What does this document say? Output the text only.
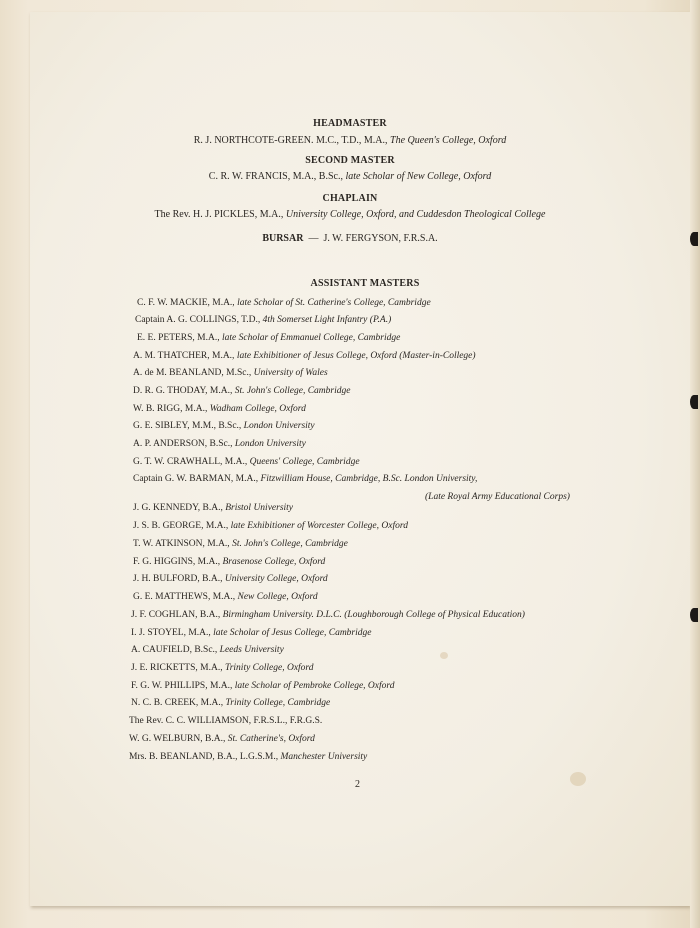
HEADMASTER
R. J. NORTHCOTE-GREEN. M.C., T.D., M.A., The Queen's College, Oxford
SECOND MASTER
C. R. W. FRANCIS, M.A., B.Sc., late Scholar of New College, Oxford
CHAPLAIN
The Rev. H. J. PICKLES, M.A., University College, Oxford, and Cuddesdon Theological College
BURSAR — J. W. FERGYSON, F.R.S.A.
ASSISTANT MASTERS
C. F. W. MACKIE, M.A., late Scholar of St. Catherine's College, Cambridge
Captain A. G. COLLINGS, T.D., 4th Somerset Light Infantry (P.A.)
E. E. PETERS, M.A., late Scholar of Emmanuel College, Cambridge
A. M. THATCHER, M.A., late Exhibitioner of Jesus College, Oxford (Master-in-College)
A. de M. BEANLAND, M.Sc., University of Wales
D. R. G. THODAY, M.A., St. John's College, Cambridge
W. B. RIGG, M.A., Wadham College, Oxford
G. E. SIBLEY, M.M., B.Sc., London University
A. P. ANDERSON, B.Sc., London University
G. T. W. CRAWHALL, M.A., Queens' College, Cambridge
Captain G. W. BARMAN, M.A., Fitzwilliam House, Cambridge, B.Sc. London University,
J. G. KENNEDY, B.A., Bristol University
J. S. B. GEORGE, M.A., late Exhibitioner of Worcester College, Oxford
T. W. ATKINSON, M.A., St. John's College, Cambridge
F. G. HIGGINS, M.A., Brasenose College, Oxford
J. H. BULFORD, B.A., University College, Oxford
G. E. MATTHEWS, M.A., New College, Oxford
J. F. COGHLAN, B.A., Birmingham University. D.L.C. (Loughborough College of Physical Education)
I. J. STOYEL, M.A., late Scholar of Jesus College, Cambridge
A. CAUFIELD, B.Sc., Leeds University
J. E. RICKETTS, M.A., Trinity College, Oxford
F. G. W. PHILLIPS, M.A., late Scholar of Pembroke College, Oxford
N. C. B. CREEK, M.A., Trinity College, Cambridge
The Rev. C. C. WILLIAMSON, F.R.S.L., F.R.G.S.
W. G. WELBURN, B.A., St. Catherine's, Oxford
Mrs. B. BEANLAND, B.A., L.G.S.M., Manchester University
(Late Royal Army Educational Corps)
2
